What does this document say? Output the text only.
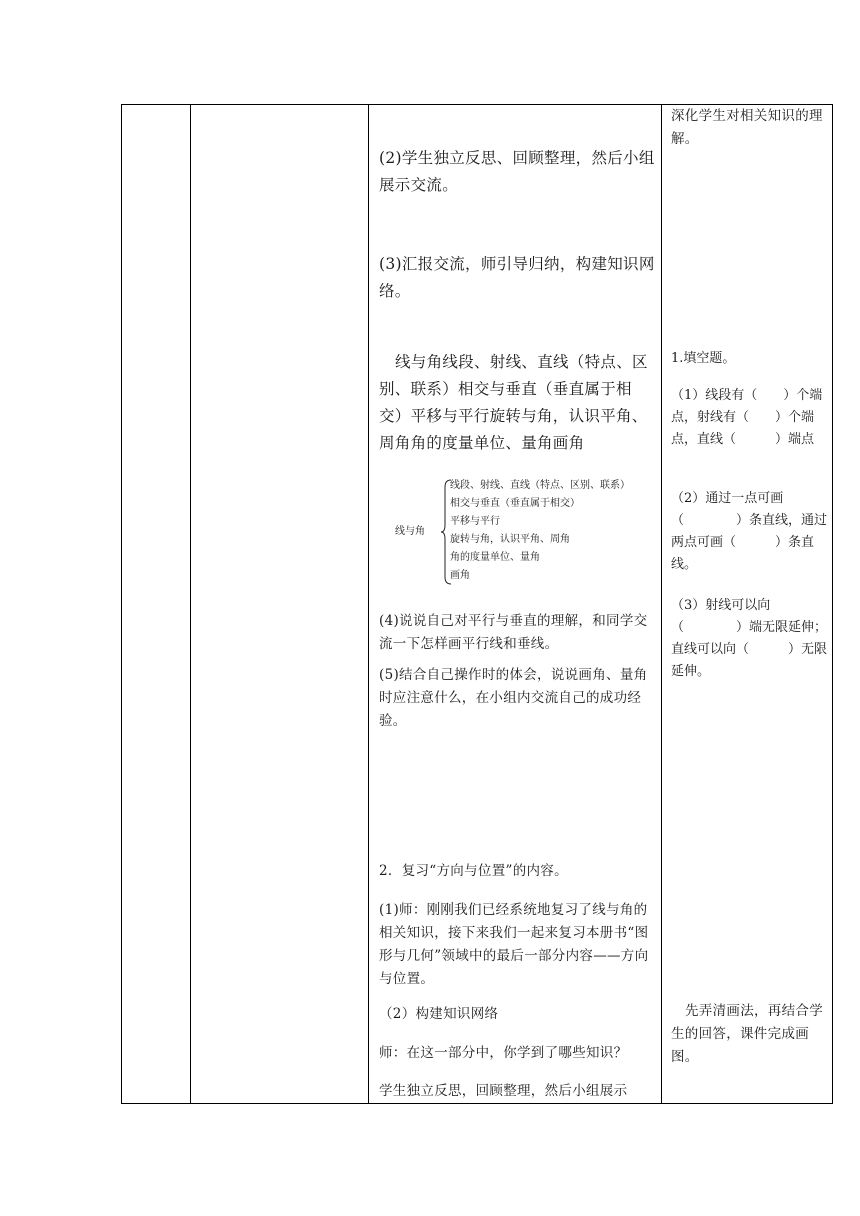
(2)学生独立反思、回顾整理，然后小组展示交流。

(3)汇报交流，师引导归纳，构建知识网络。

线与角线段、射线、直线（特点、区别、联系）相交与垂直（垂直属于相交）平移与平行旋转与角，认识平角、周角角的度量单位、量角画角

线与角
线段、射线、直线（特点、区别、联系）
相交与垂直（垂直属于相交）
平移与平行
旋转与角，认识平角、周角
角的度量单位、量角
画角

(4)说说自己对平行与垂直的理解，和同学交流一下怎样画平行线和垂线。

(5)结合自己操作时的体会，说说画角、量角时应注意什么，在小组内交流自己的成功经验。

2．复习“方向与位置”的内容。

(1)师：刚刚我们已经系统地复习了线与角的相关知识，接下来我们一起来复习本册书“图形与几何”领域中的最后一部分内容——方向与位置。

（2）构建知识网络

师：在这一部分中，你学到了哪些知识？

学生独立反思，回顾整理，然后小组展示

深化学生对相关知识的理解。

1.填空题。

（1）线段有（　　）个端点，射线有（　　）个端点，直线（　　　）端点

（2）通过一点可画（　　　　）条直线，通过两点可画（　　　）条直线。

（3）射线可以向（　　　　）端无限延伸；直线可以向（　　　）无限延伸。

先弄清画法，再结合学生的回答，课件完成画图。
